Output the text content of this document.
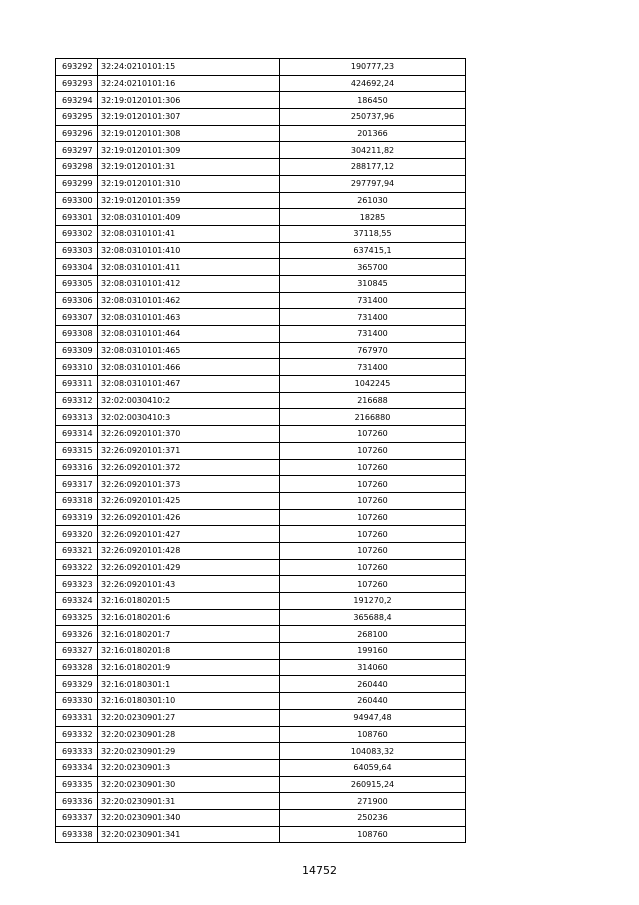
693292	32:24:0210101:15	190777,23
693293	32:24:0210101:16	424692,24
693294	32:19:0120101:306	186450
693295	32:19:0120101:307	250737,96
693296	32:19:0120101:308	201366
693297	32:19:0120101:309	304211,82
693298	32:19:0120101:31	288177,12
693299	32:19:0120101:310	297797,94
693300	32:19:0120101:359	261030
693301	32:08:0310101:409	18285
693302	32:08:0310101:41	37118,55
693303	32:08:0310101:410	637415,1
693304	32:08:0310101:411	365700
693305	32:08:0310101:412	310845
693306	32:08:0310101:462	731400
693307	32:08:0310101:463	731400
693308	32:08:0310101:464	731400
693309	32:08:0310101:465	767970
693310	32:08:0310101:466	731400
693311	32:08:0310101:467	1042245
693312	32:02:0030410:2	216688
693313	32:02:0030410:3	2166880
693314	32:26:0920101:370	107260
693315	32:26:0920101:371	107260
693316	32:26:0920101:372	107260
693317	32:26:0920101:373	107260
693318	32:26:0920101:425	107260
693319	32:26:0920101:426	107260
693320	32:26:0920101:427	107260
693321	32:26:0920101:428	107260
693322	32:26:0920101:429	107260
693323	32:26:0920101:43	107260
693324	32:16:0180201:5	191270,2
693325	32:16:0180201:6	365688,4
693326	32:16:0180201:7	268100
693327	32:16:0180201:8	199160
693328	32:16:0180201:9	314060
693329	32:16:0180301:1	260440
693330	32:16:0180301:10	260440
693331	32:20:0230901:27	94947,48
693332	32:20:0230901:28	108760
693333	32:20:0230901:29	104083,32
693334	32:20:0230901:3	64059,64
693335	32:20:0230901:30	260915,24
693336	32:20:0230901:31	271900
693337	32:20:0230901:340	250236
693338	32:20:0230901:341	108760
14752
